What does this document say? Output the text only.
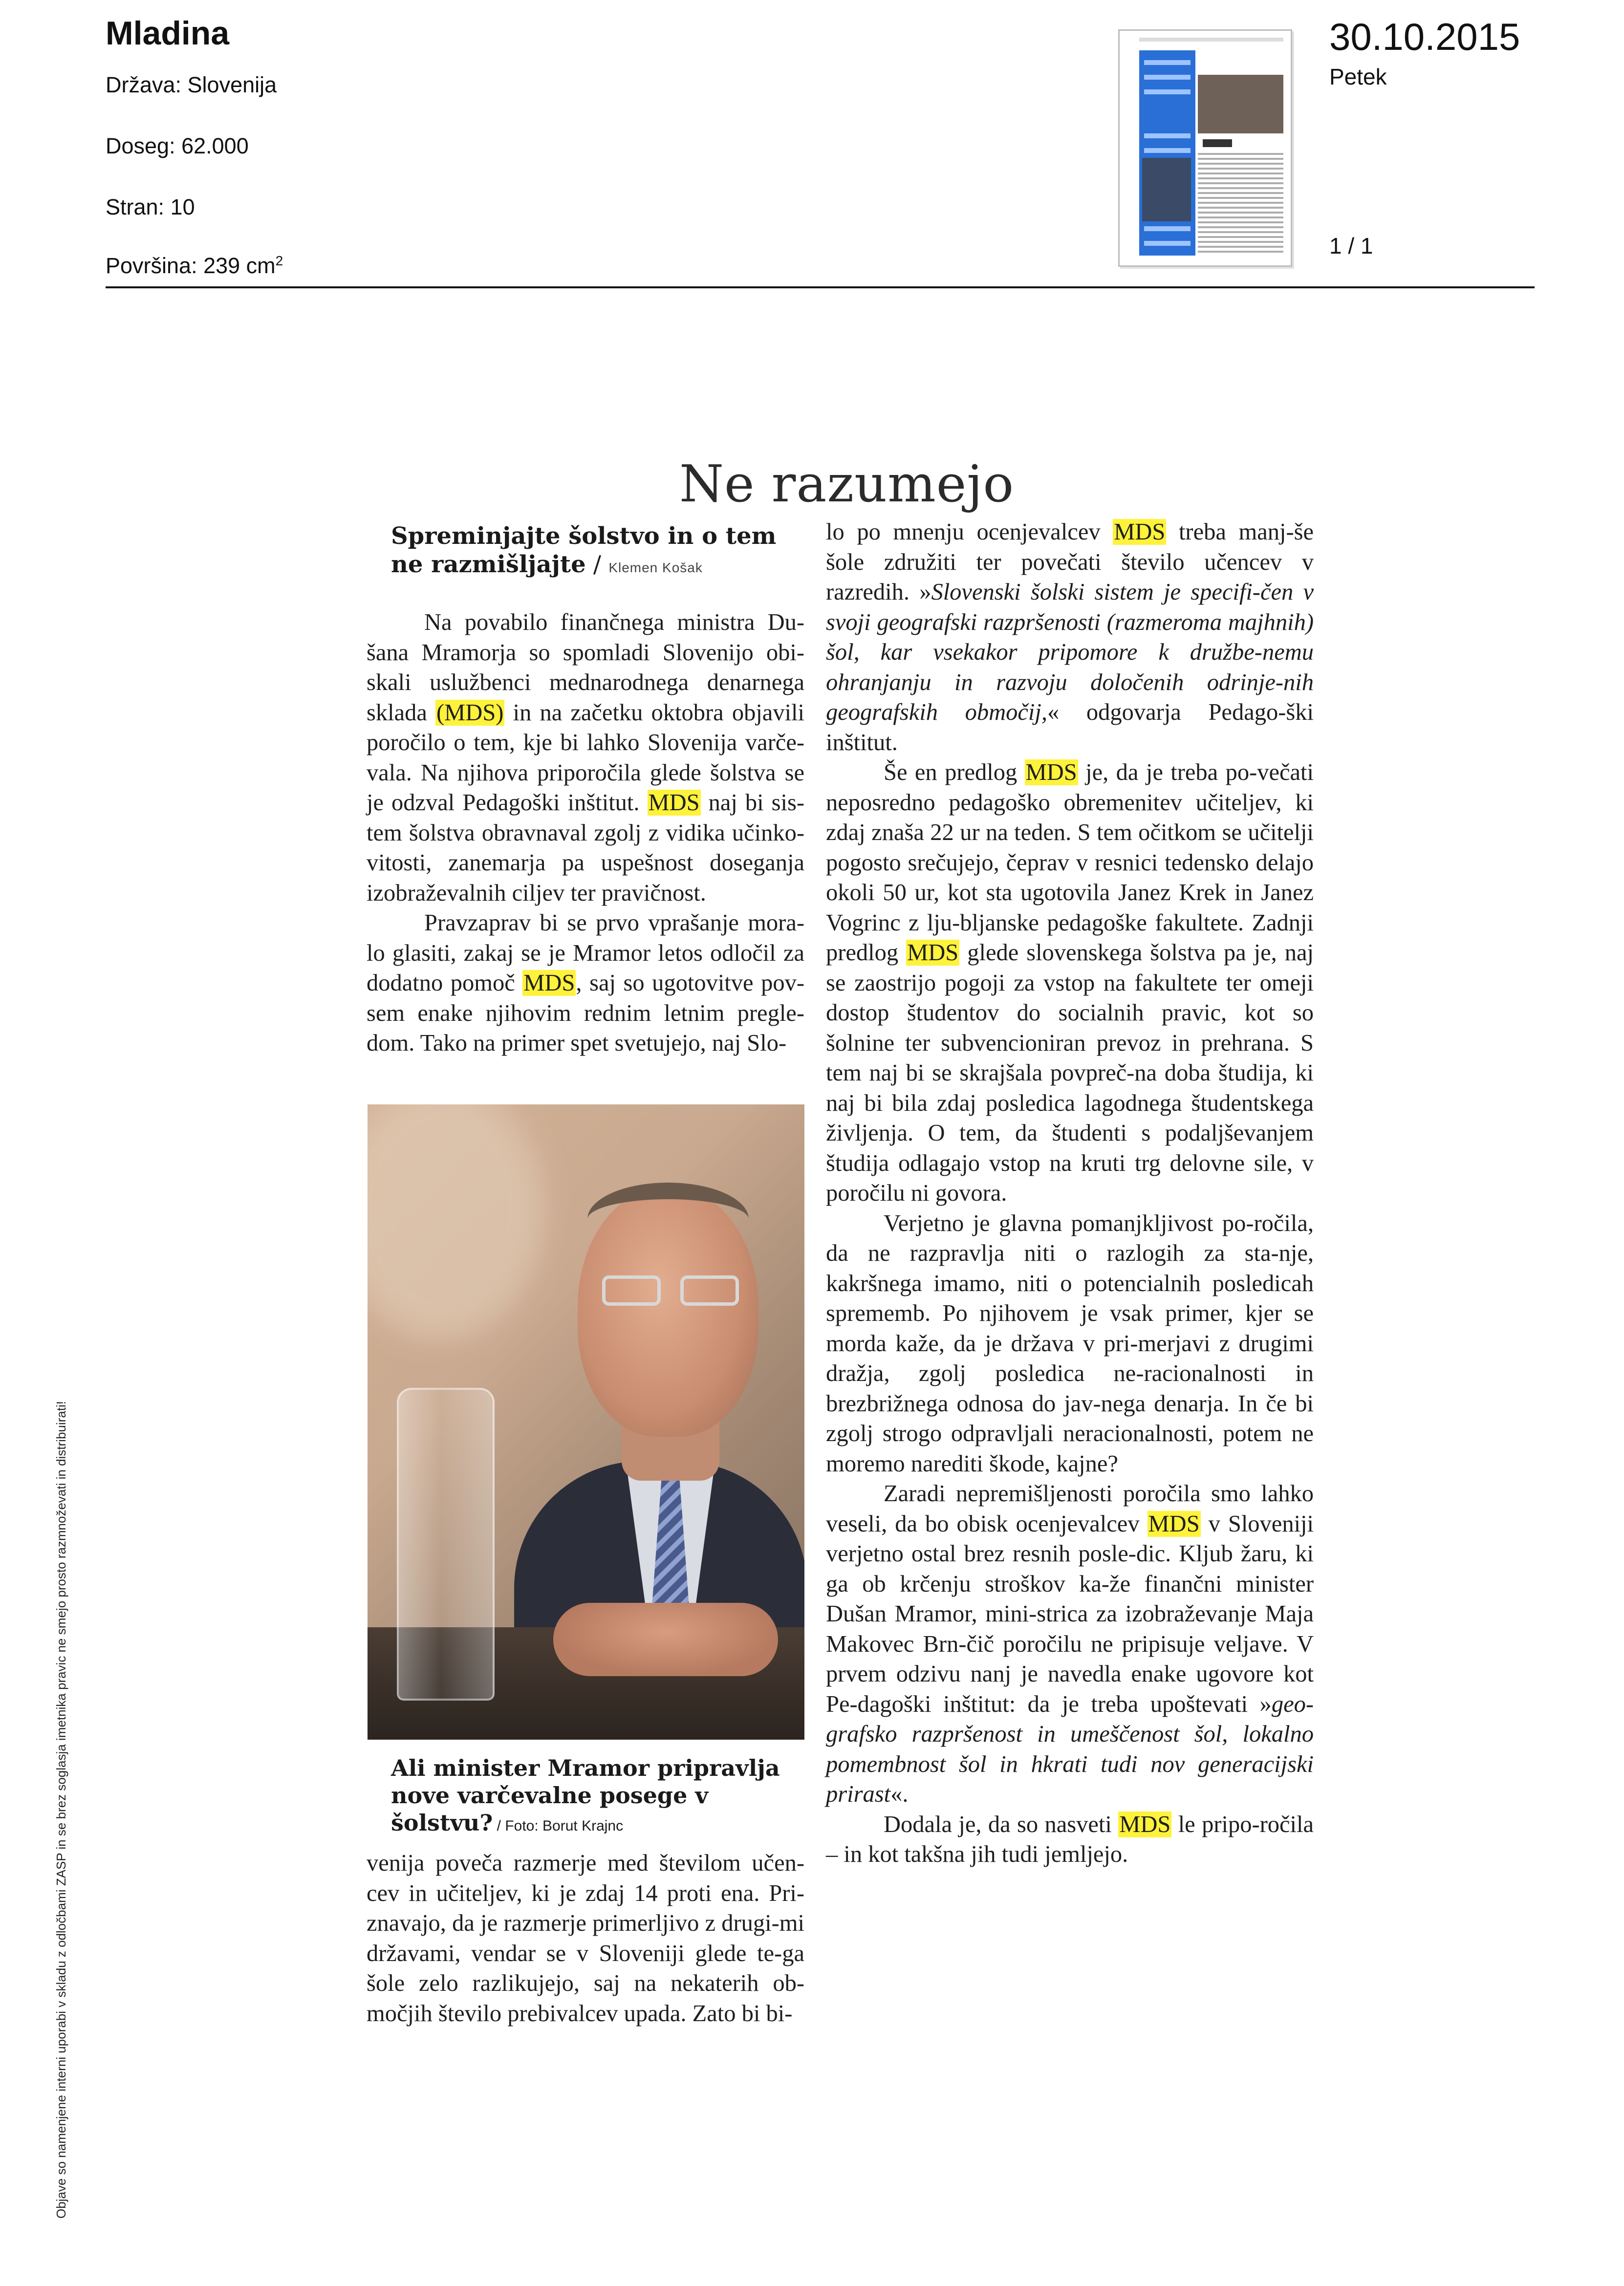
Mladina
Država: Slovenija
Doseg: 62.000
Stran: 10
Površina: 239 $cm^2$
30.10.2015
Petek
1 / 1
Ne razumejo
Spreminjajte šolstvo in o tem ne razmišljajte / Klemen Košak

Na povabilo finančnega ministra Du-šana Mramorja so spomladi Slovenijo obi-skali uslužbenci mednarodnega denarnega sklada (MDS) in na začetku oktobra objavili poročilo o tem, kje bi lahko Slovenija varče-vala. Na njihova priporočila glede šolstva se je odzval Pedagoški inštitut. MDS naj bi sis-tem šolstva obravnaval zgolj z vidika učinko-vitosti, zanemarja pa uspešnost doseganja izobraževalnih ciljev ter pravičnost.

Pravzaprav bi se prvo vprašanje mora-lo glasiti, zakaj se je Mramor letos odločil za dodatno pomoč MDS, saj so ugotovitve pov-sem enake njihovim rednim letnim pregle-dom. Tako na primer spet svetujejo, naj Slo-

Ali minister Mramor pripravlja nove varčevalne posege v šolstvu? / Foto: Borut Krajnc

venija poveča razmerje med številom učen-cev in učiteljev, ki je zdaj 14 proti ena. Pri-znavajo, da je razmerje primerljivo z drugi-mi državami, vendar se v Sloveniji glede te-ga šole zelo razlikujejo, saj na nekaterih ob-močjih število prebivalcev upada. Zato bi bi-

lo po mnenju ocenjevalcev MDS treba manj-še šole združiti ter povečati število učencev v razredih. »Slovenski šolski sistem je specifi-čen v svoji geografski razpršenosti (razmeroma majhnih) šol, kar vsekakor pripomore k družbe-nemu ohranjanju in razvoju določenih odrinje-nih geografskih območij,« odgovarja Pedago-ški inštitut.

Še en predlog MDS je, da je treba po-večati neposredno pedagoško obremenitev učiteljev, ki zdaj znaša 22 ur na teden. S tem očitkom se učitelji pogosto srečujejo, čeprav v resnici tedensko delajo okoli 50 ur, kot sta ugotovila Janez Krek in Janez Vogrinc z lju-bljanske pedagoške fakultete. Zadnji predlog MDS glede slovenskega šolstva pa je, naj se zaostrijo pogoji za vstop na fakultete ter omeji dostop študentov do socialnih pravic, kot so šolnine ter subvencioniran prevoz in prehrana. S tem naj bi se skrajšala povpreč-na doba študija, ki naj bi bila zdaj posledica lagodnega študentskega življenja. O tem, da študenti s podaljševanjem študija odlagajo vstop na kruti trg delovne sile, v poročilu ni govora.

Verjetno je glavna pomanjkljivost po-ročila, da ne razpravlja niti o razlogih za sta-nje, kakršnega imamo, niti o potencialnih posledicah sprememb. Po njihovem je vsak primer, kjer se morda kaže, da je država v pri-merjavi z drugimi dražja, zgolj posledica ne-racionalnosti in brezbrižnega odnosa do jav-nega denarja. In če bi zgolj strogo odpravljali neracionalnosti, potem ne moremo narediti škode, kajne?

Zaradi nepremišljenosti poročila smo lahko veseli, da bo obisk ocenjevalcev MDS v Sloveniji verjetno ostal brez resnih posle-dic. Kljub žaru, ki ga ob krčenju stroškov ka-že finančni minister Dušan Mramor, mini-strica za izobraževanje Maja Makovec Brn-čič poročilu ne pripisuje veljave. V prvem odzivu nanj je navedla enake ugovore kot Pe-dagoški inštitut: da je treba upoštevati »geo-grafsko razpršenost in umeščenost šol, lokalno pomembnost šol in hkrati tudi nov generacijski prirast«.

Dodala je, da so nasveti MDS le pripo-ročila – in kot takšna jih tudi jemljejo.

Objave so namenjene interni uporabi v skladu z odločbami ZASP in se brez soglasja imetnika pravic ne smejo prosto razmnoževati in distribuirati!
